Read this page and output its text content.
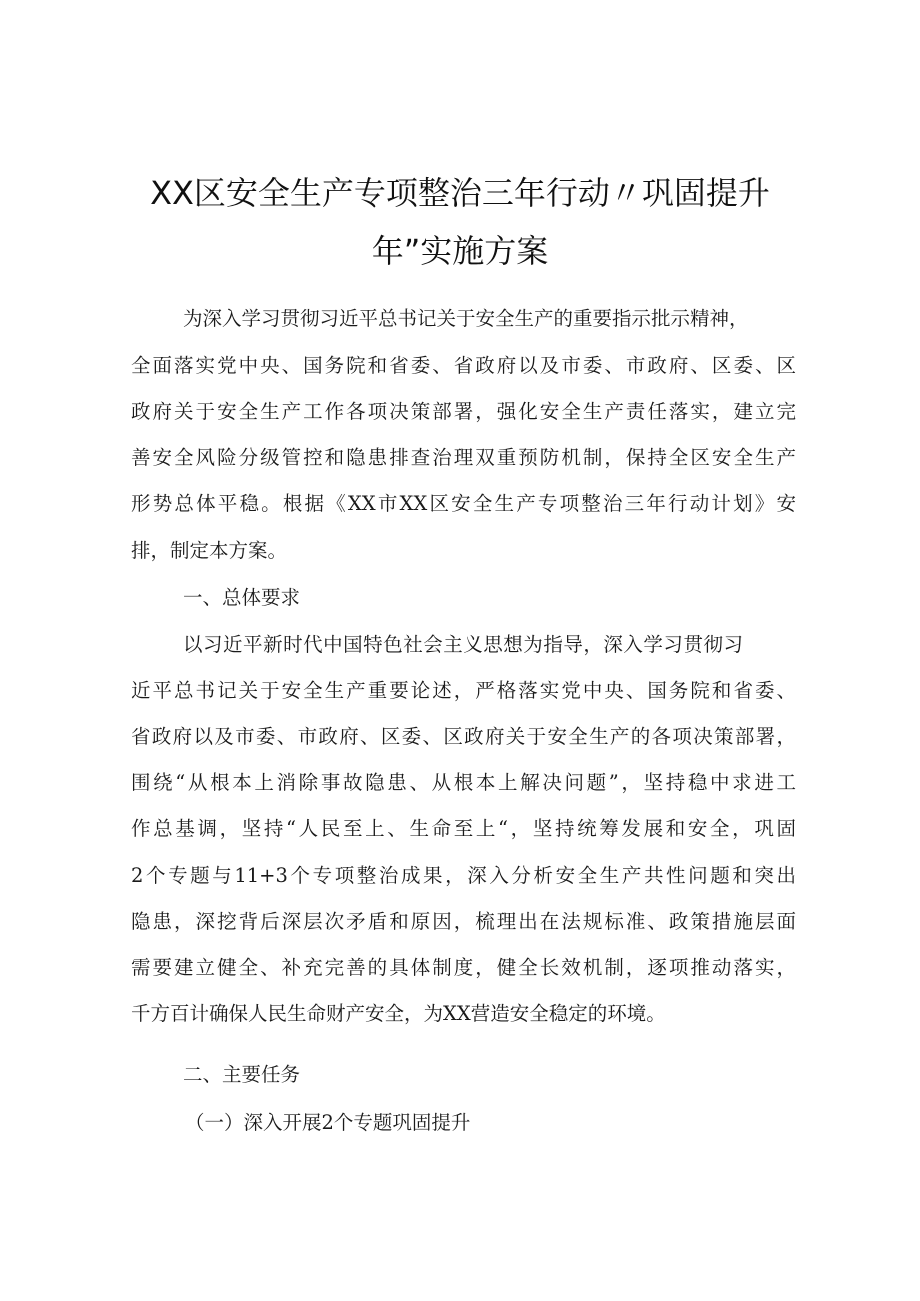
XX区安全生产专项整治三年行动〃巩固提升
年”实施方案
为深入学习贯彻习近平总书记关于安全生产的重要指示批示精神，
全面落实党中央、国务院和省委、省政府以及市委、市政府、区委、区
政府关于安全生产工作各项决策部署，强化安全生产责任落实，建立完
善安全风险分级管控和隐患排查治理双重预防机制，保持全区安全生产
形势总体平稳。根据《XX市XX区安全生产专项整治三年行动计划》安
排，制定本方案。
一、总体要求
以习近平新时代中国特色社会主义思想为指导，深入学习贯彻习
近平总书记关于安全生产重要论述，严格落实党中央、国务院和省委、
省政府以及市委、市政府、区委、区政府关于安全生产的各项决策部署，
围绕“从根本上消除事故隐患、从根本上解决问题”，坚持稳中求进工
作总基调，坚持“人民至上、生命至上“，坚持统筹发展和安全，巩固
2个专题与11+3个专项整治成果，深入分析安全生产共性问题和突出
隐患，深挖背后深层次矛盾和原因，梳理出在法规标准、政策措施层面
需要建立健全、补充完善的具体制度，健全长效机制，逐项推动落实，
千方百计确保人民生命财产安全，为XX营造安全稳定的环境。
二、主要任务
（一）深入开展2个专题巩固提升
